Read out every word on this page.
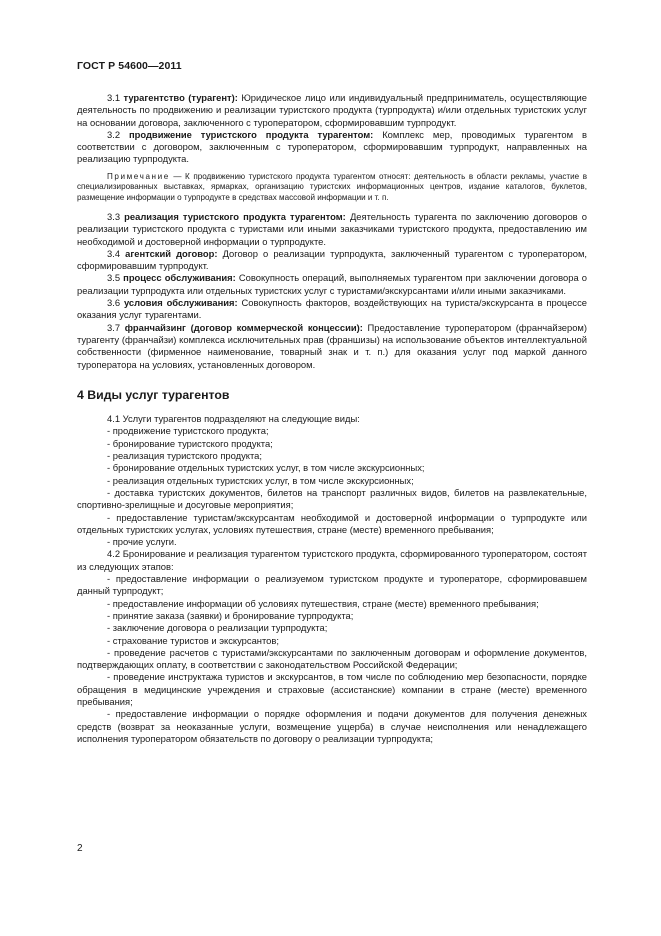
ГОСТ Р 54600—2011

3.1 турагентство (турагент): Юридическое лицо или индивидуальный предприниматель, осуществляющие деятельность по продвижению и реализации туристского продукта (турпродукта) и/или отдельных туристских услуг на основании договора, заключенного с туроператором, сформировавшим турпродукт.

3.2 продвижение туристского продукта турагентом: Комплекс мер, проводимых турагентом в соответствии с договором, заключенным с туроператором, сформировавшим турпродукт, направленных на реализацию турпродукта.

Примечание — К продвижению туристского продукта турагентом относят: деятельность в области рекламы, участие в специализированных выставках, ярмарках, организацию туристских информационных центров, издание каталогов, буклетов, размещение информации о турпродукте в средствах массовой информации и т. п.

3.3 реализация туристского продукта турагентом: Деятельность турагента по заключению договоров о реализации туристского продукта с туристами или иными заказчиками туристского продукта, предоставлению им необходимой и достоверной информации о турпродукте.

3.4 агентский договор: Договор о реализации турпродукта, заключенный турагентом с туроператором, сформировавшим турпродукт.

3.5 процесс обслуживания: Совокупность операций, выполняемых турагентом при заключении договора о реализации турпродукта или отдельных туристских услуг с туристами/экскурсантами и/или иными заказчиками.

3.6 условия обслуживания: Совокупность факторов, воздействующих на туриста/экскурсанта в процессе оказания услуг турагентами.

3.7 франчайзинг (договор коммерческой концессии): Предоставление туроператором (франчайзером) турагенту (франчайзи) комплекса исключительных прав (франшизы) на использование объектов интеллектуальной собственности (фирменное наименование, товарный знак и т. п.) для оказания услуг под маркой данного туроператора на условиях, установленных договором.

4 Виды услуг турагентов

4.1 Услуги турагентов подразделяют на следующие виды:

- продвижение туристского продукта;

- бронирование туристского продукта;

- реализация туристского продукта;

- бронирование отдельных туристских услуг, в том числе экскурсионных;

- реализация отдельных туристских услуг, в том числе экскурсионных;

- доставка туристских документов, билетов на транспорт различных видов, билетов на развлекательные, спортивно-зрелищные и досуговые мероприятия;

- предоставление туристам/экскурсантам необходимой и достоверной информации о турпродукте или отдельных туристских услугах, условиях путешествия, стране (месте) временного пребывания;

- прочие услуги.

4.2 Бронирование и реализация турагентом туристского продукта, сформированного туроператором, состоят из следующих этапов:

- предоставление информации о реализуемом туристском продукте и туроператоре, сформировавшем данный турпродукт;

- предоставление информации об условиях путешествия, стране (месте) временного пребывания;

- принятие заказа (заявки) и бронирование турпродукта;

- заключение договора о реализации турпродукта;

- страхование туристов и экскурсантов;

- проведение расчетов с туристами/экскурсантами по заключенным договорам и оформление документов, подтверждающих оплату, в соответствии с законодательством Российской Федерации;

- проведение инструктажа туристов и экскурсантов, в том числе по соблюдению мер безопасности, порядке обращения в медицинские учреждения и страховые (ассистанские) компании в стране (месте) временного пребывания;

- предоставление информации о порядке оформления и подачи документов для получения денежных средств (возврат за неоказанные услуги, возмещение ущерба) в случае неисполнения или ненадлежащего исполнения туроператором обязательств по договору о реализации турпродукта;

2
